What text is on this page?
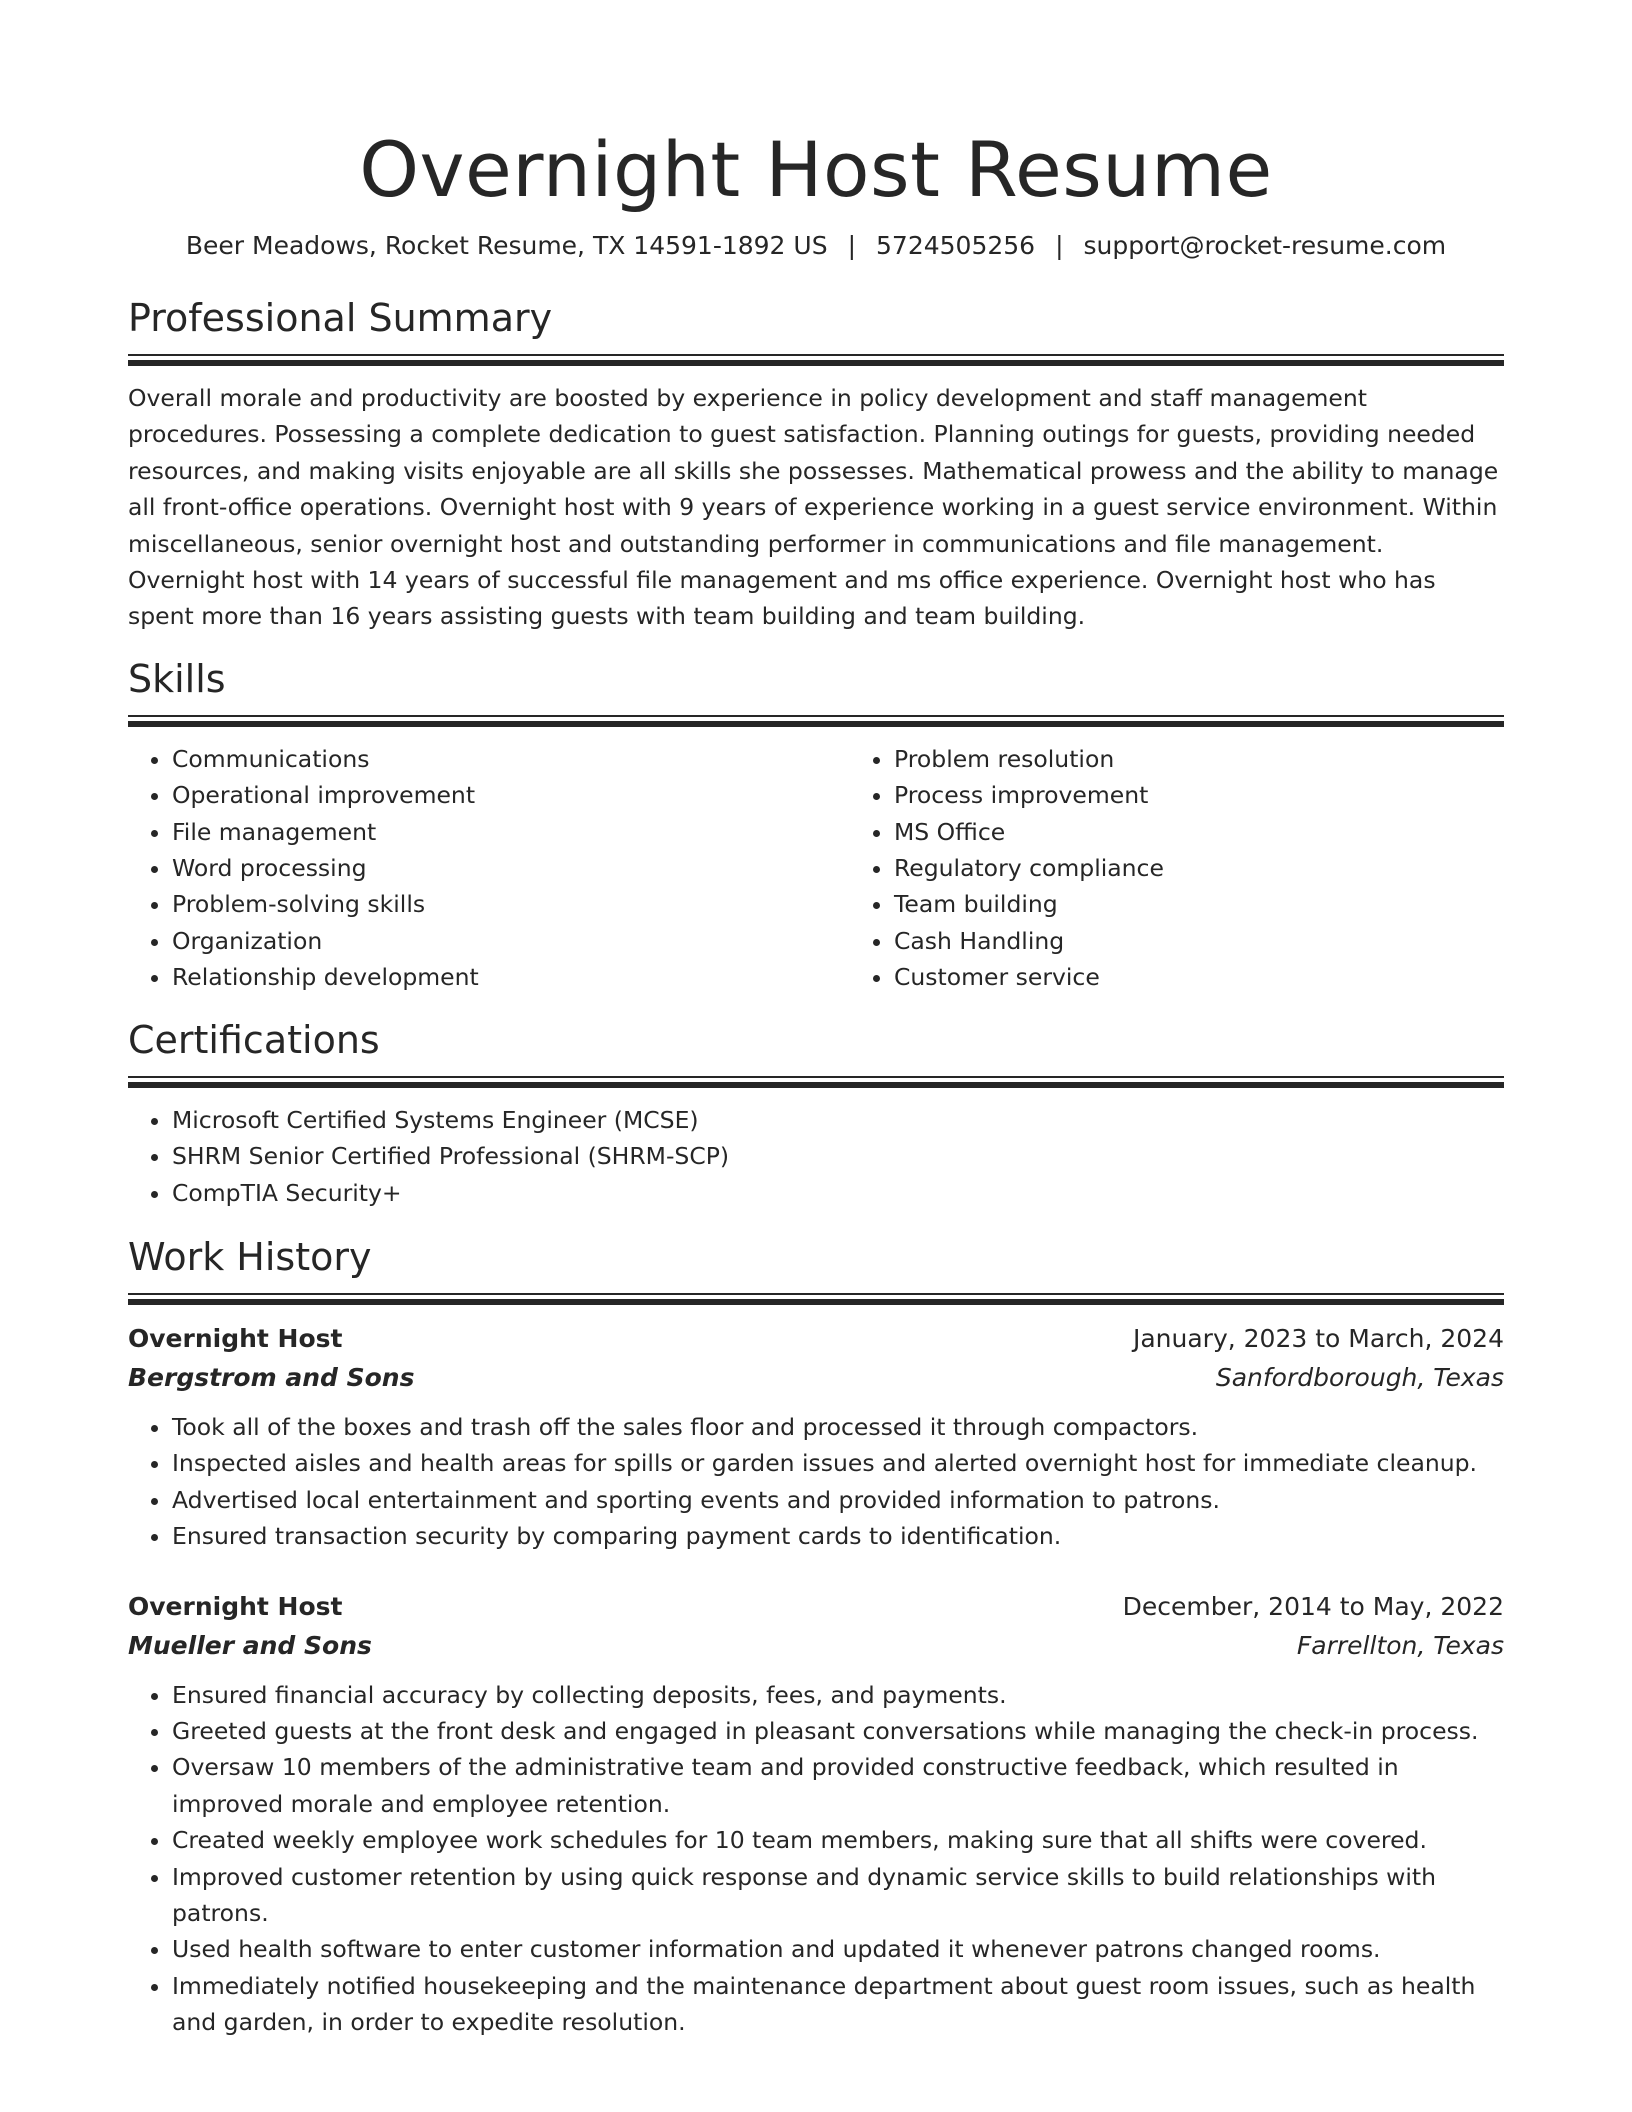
Overnight Host Resume
Beer Meadows, Rocket Resume, TX 14591-1892 US | 5724505256 | support@rocket-resume.com
Professional Summary

Overall morale and productivity are boosted by experience in policy development and staff management procedures. Possessing a complete dedication to guest satisfaction. Planning outings for guests, providing needed resources, and making visits enjoyable are all skills she possesses. Mathematical prowess and the ability to manage all front-office operations. Overnight host with 9 years of experience working in a guest service environment. Within miscellaneous, senior overnight host and outstanding performer in communications and file management. Overnight host with 14 years of successful file management and ms office experience. Overnight host who has spent more than 16 years assisting guests with team building and team building.

Skills
• Communications
• Operational improvement
• File management
• Word processing
• Problem-solving skills
• Organization
• Relationship development
• Problem resolution
• Process improvement
• MS Office
• Regulatory compliance
• Team building
• Cash Handling
• Customer service
Certifications
• Microsoft Certified Systems Engineer (MCSE)
• SHRM Senior Certified Professional (SHRM-SCP)
• CompTIA Security+
Work History
Overnight Host	January, 2023 to March, 2024
Bergstrom and Sons	Sanfordborough, Texas
• Took all of the boxes and trash off the sales floor and processed it through compactors.
• Inspected aisles and health areas for spills or garden issues and alerted overnight host for immediate cleanup.
• Advertised local entertainment and sporting events and provided information to patrons.
• Ensured transaction security by comparing payment cards to identification.
Overnight Host	December, 2014 to May, 2022
Mueller and Sons	Farrellton, Texas
• Ensured financial accuracy by collecting deposits, fees, and payments.
• Greeted guests at the front desk and engaged in pleasant conversations while managing the check-in process.
• Oversaw 10 members of the administrative team and provided constructive feedback, which resulted in improved morale and employee retention.
• Created weekly employee work schedules for 10 team members, making sure that all shifts were covered.
• Improved customer retention by using quick response and dynamic service skills to build relationships with patrons.
• Used health software to enter customer information and updated it whenever patrons changed rooms.
• Immediately notified housekeeping and the maintenance department about guest room issues, such as health and garden, in order to expedite resolution.
